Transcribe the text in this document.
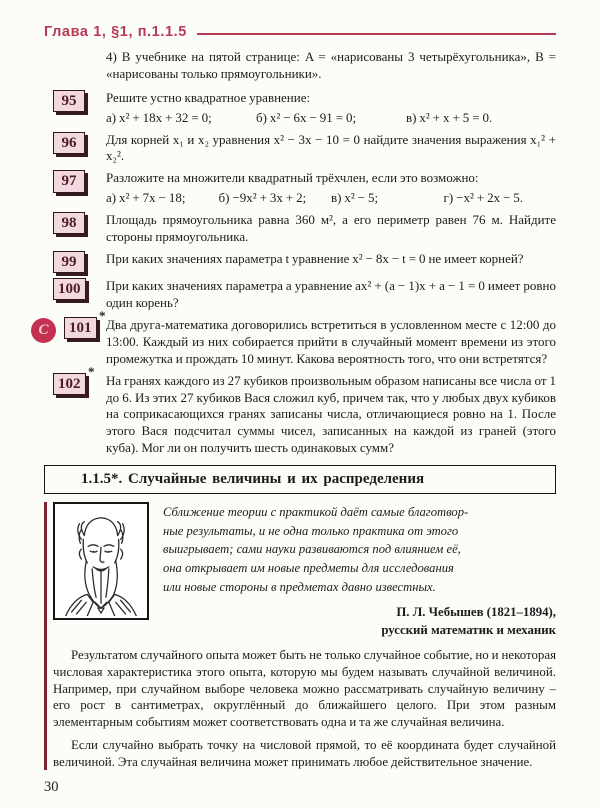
Глава 1, §1, п.1.1.5

4) В учебнике на пятой странице: A = «нарисованы 3 четырёхугольника», B = «нарисованы только прямоугольники».

95	Решите устно квадратное уравнение:

а) x² + 18x + 32 = 0;	б) x² − 6x − 91 = 0;	в) x² + x + 5 = 0.
96	Для корней x₁ и x₂ уравнения x² − 3x − 10 = 0 найдите значения выражения x₁² + x₂².

97	Разложите на множители квадратный трёхчлен, если это возможно:

а) x² + 7x − 18;	б) −9x² + 3x + 2;	в) x² − 5;	г) −x² + 2x − 5.
98	Площадь прямоугольника равна 360 м², а его периметр равен 76 м. Найдите стороны прямоугольника.

99	При каких значениях параметра t уравнение x² − 8x − t = 0 не имеет корней?

100	При каких значениях параметра a уравнение ax² + (a − 1)x + a − 1 = 0 имеет ровно один корень?

C	101
*

Два друга-математика договорились встретиться в условленном месте с 12:00 до 13:00. Каждый из них собирается прийти в случайный момент времени из этого промежутка и прождать 10 минут. Какова вероятность того, что они встретятся?

102
*

На гранях каждого из 27 кубиков произвольным образом написаны все числа от 1 до 6. Из этих 27 кубиков Вася сложил куб, причем так, что у любых двух кубиков на соприкасающихся гранях записаны числа, отличающиеся ровно на 1. После этого Вася подсчитал суммы чисел, записанных на каждой из граней (этого куба). Мог ли он получить шесть одинаковых сумм?

1.1.5*. Случайные величины и их распределения
Сближение теории с практикой даёт самые благотвор-
ные результаты, и не одна только практика от этого
выигрывает; сами науки развиваются под влиянием её,
она открывает им новые предметы для исследования
или новые стороны в предметах давно известных.
П. Л. Чебышев (1821–1894),
русский математик и механик

Результатом случайного опыта может быть не только случайное событие, но и некоторая числовая характеристика этого опыта, которую мы будем называть случайной величиной. Например, при случайном выборе человека можно рассматривать случайную величину – его рост в сантиметрах, округлённый до ближайшего целого. При этом разным элементарным событиям может соответствовать одна и та же случайная величина.

Если случайно выбрать точку на числовой прямой, то её координата будет случайной величиной. Эта случайная величина может принимать любое действительное значение.

30
